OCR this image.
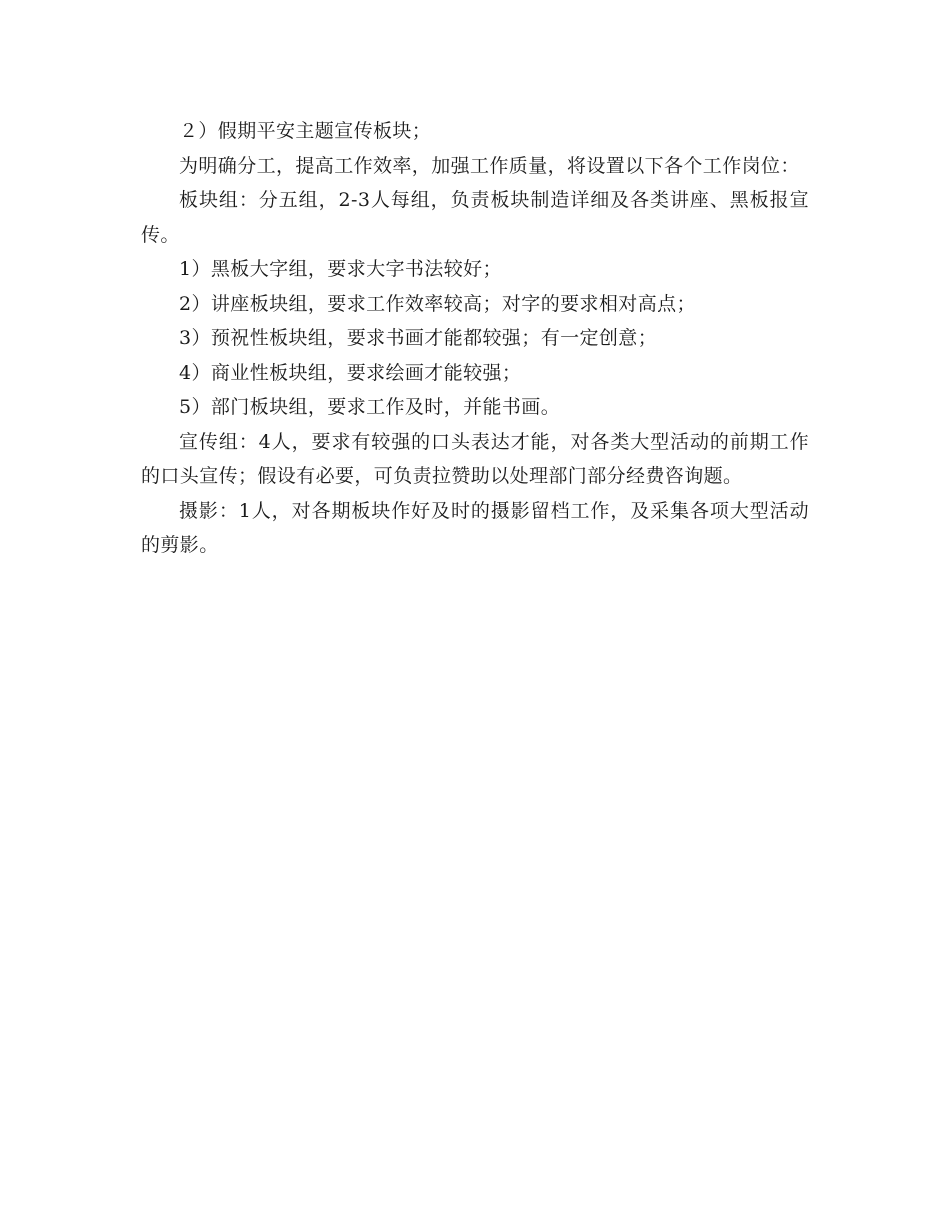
２）假期平安主题宣传板块；

为明确分工，提高工作效率，加强工作质量，将设置以下各个工作岗位：

板块组：分五组，2-3人每组，负责板块制造详细及各类讲座、黑板报宣传。

1）黑板大字组，要求大字书法较好；

2）讲座板块组，要求工作效率较高；对字的要求相对高点；

3）预祝性板块组，要求书画才能都较强；有一定创意；

4）商业性板块组，要求绘画才能较强；

5）部门板块组，要求工作及时，并能书画。

宣传组：4人，要求有较强的口头表达才能，对各类大型活动的前期工作的口头宣传；假设有必要，可负责拉赞助以处理部门部分经费咨询题。

摄影：1人，对各期板块作好及时的摄影留档工作，及采集各项大型活动的剪影。
